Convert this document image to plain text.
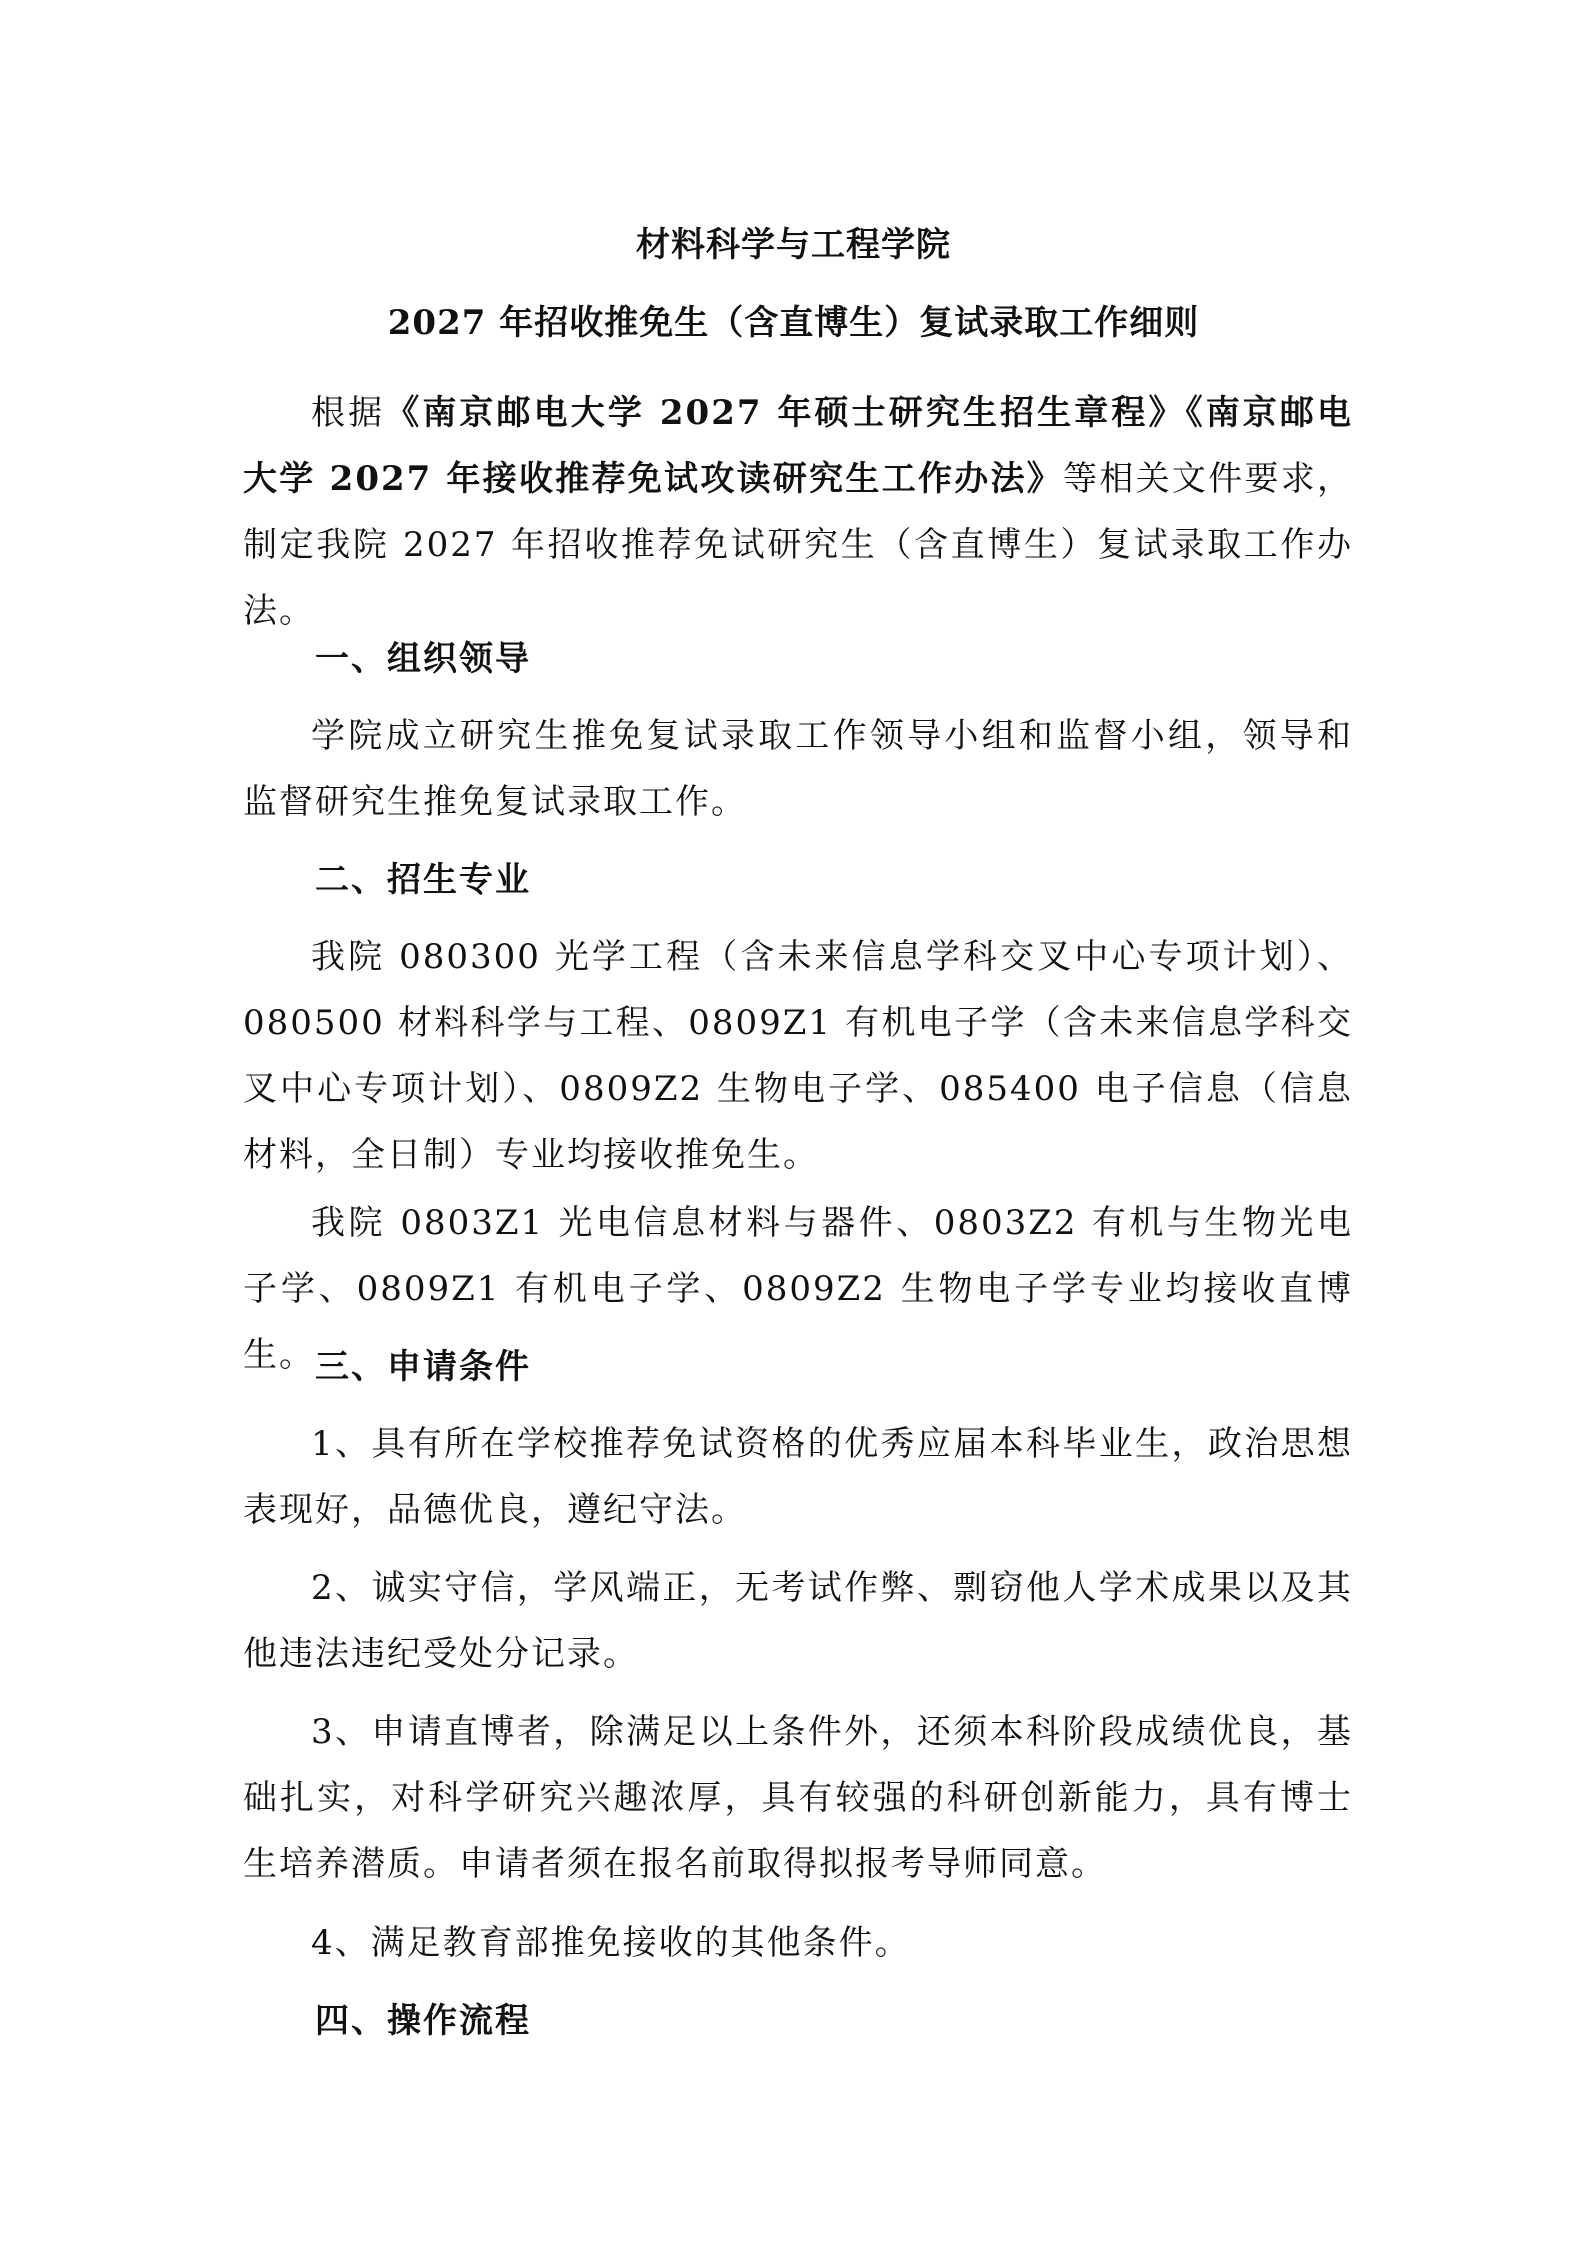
材料科学与工程学院
2027 年招收推免生（含直博生）复试录取工作细则

根据《南京邮电大学 2027 年硕士研究生招生章程》《南京邮电大学 2027 年接收推荐免试攻读研究生工作办法》等相关文件要求，制定我院 2027 年招收推荐免试研究生（含直博生）复试录取工作办法。

一、组织领导

学院成立研究生推免复试录取工作领导小组和监督小组，领导和监督研究生推免复试录取工作。

二、招生专业

我院 080300 光学工程（含未来信息学科交叉中心专项计划）、080500 材料科学与工程、0809Z1 有机电子学（含未来信息学科交叉中心专项计划）、0809Z2 生物电子学、085400 电子信息（信息材料，全日制）专业均接收推免生。

我院 0803Z1 光电信息材料与器件、0803Z2 有机与生物光电子学、0809Z1 有机电子学、0809Z2 生物电子学专业均接收直博生。 三、申请条件

1、具有所在学校推荐免试资格的优秀应届本科毕业生，政治思想表现好，品德优良，遵纪守法。

2、诚实守信，学风端正，无考试作弊、剽窃他人学术成果以及其他违法违纪受处分记录。

3、申请直博者，除满足以上条件外，还须本科阶段成绩优良，基础扎实，对科学研究兴趣浓厚，具有较强的科研创新能力，具有博士生培养潜质。申请者须在报名前取得拟报考导师同意。

4、满足教育部推免接收的其他条件。

四、操作流程
